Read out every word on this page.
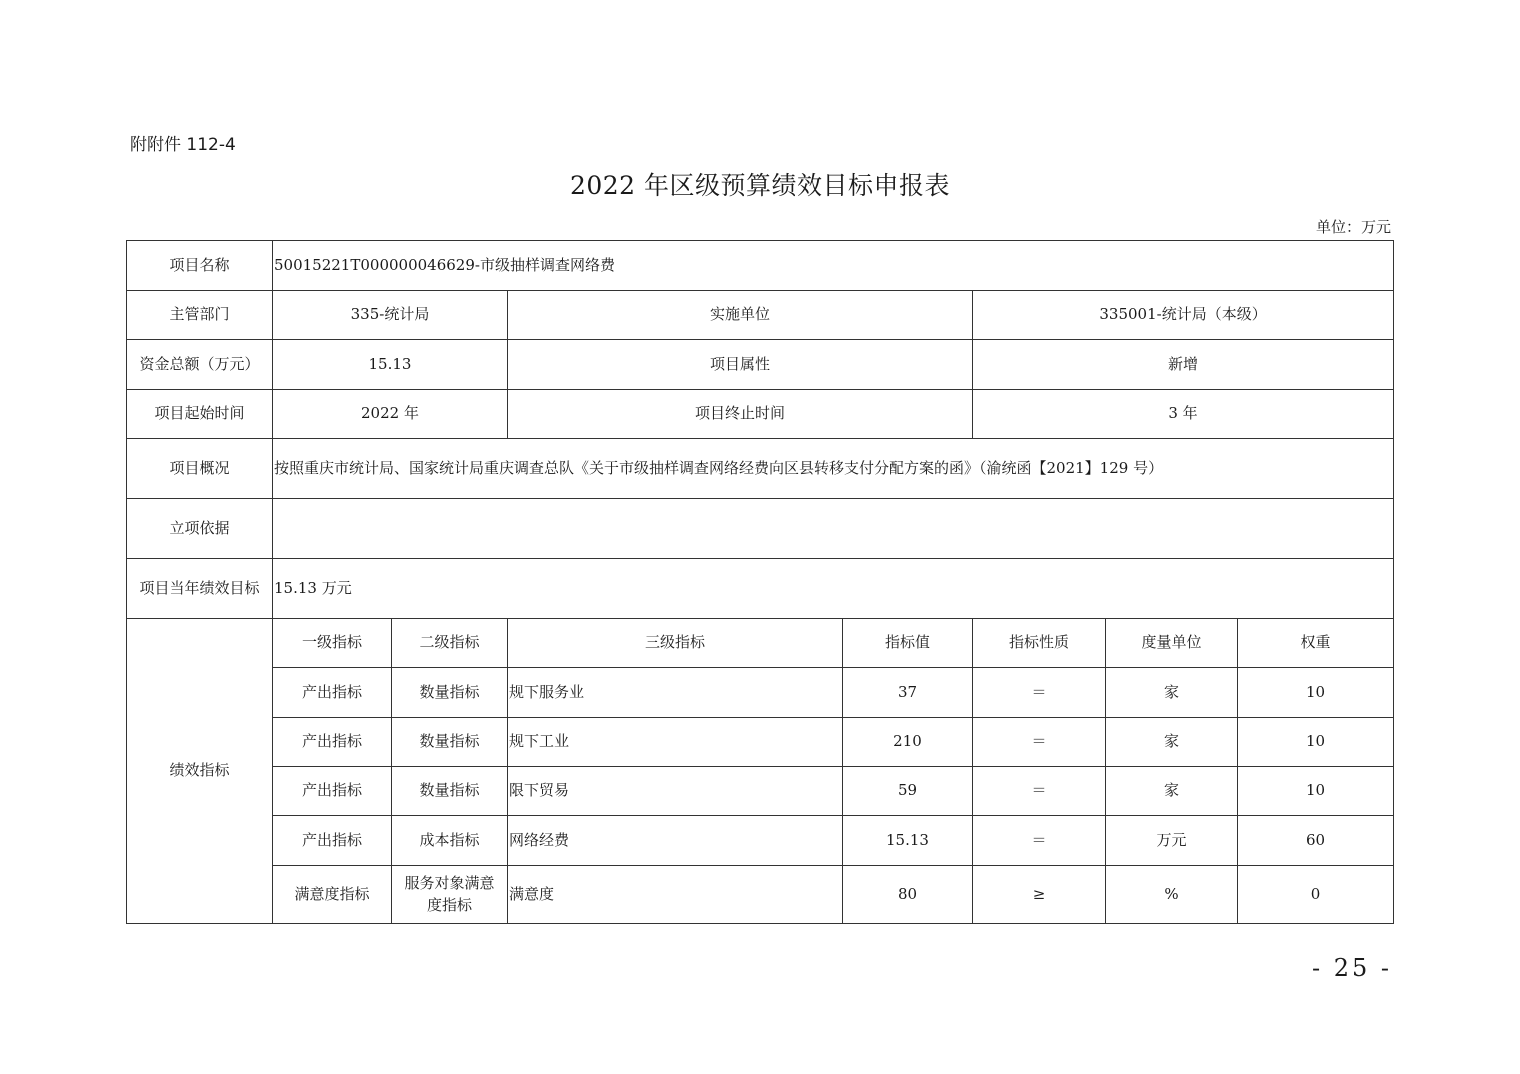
附附件 112-4
2022 年区级预算绩效目标申报表
单位：万元
项目名称	50015221T000000046629-市级抽样调查网络费						
主管部门	335-统计局		实施单位		335001-统计局（本级）		
资金总额（万元）	15.13		项目属性		新增		
项目起始时间	2022 年		项目终止时间		3 年		
项目概况	按照重庆市统计局、国家统计局重庆调查总队《关于市级抽样调查网络经费向区县转移支付分配方案的函》（渝统函【2021】129 号）						
立项依据							
项目当年绩效目标	15.13 万元						
绩效指标	一级指标	二级指标	三级指标	指标值	指标性质	度量单位	权重
	产出指标	数量指标	规下服务业	37	＝	家	10
	产出指标	数量指标	规下工业	210	＝	家	10
	产出指标	数量指标	限下贸易	59	＝	家	10
	产出指标	成本指标	网络经费	15.13	＝	万元	60
	满意度指标	服务对象满意度指标	满意度	80	≥	%	0
- 25 -
